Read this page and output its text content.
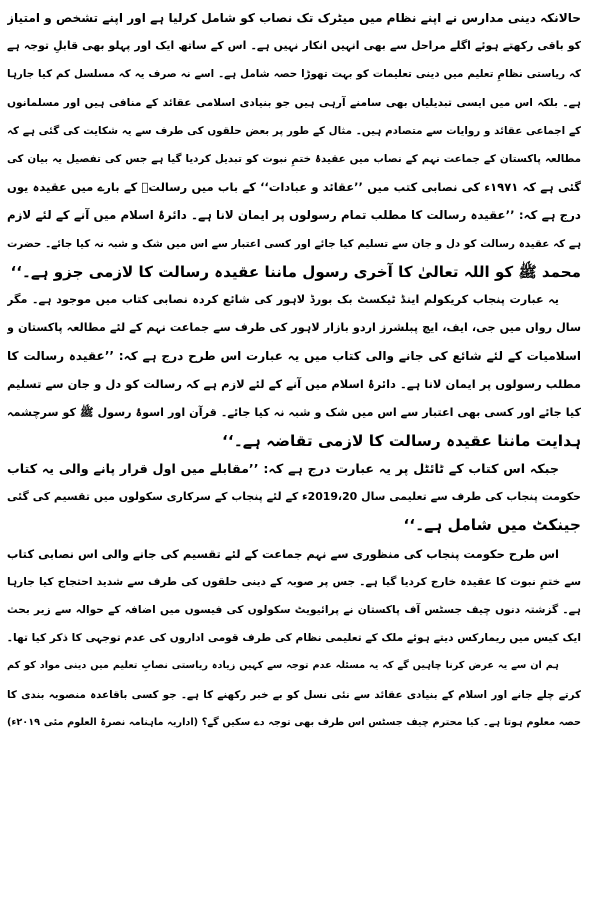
حالانکہ دینی مدارس نے اپنے نظام میں میٹرک تک نصاب کو شامل کرلیا ہے اور اپنے تشخص و امتیاز
کو باقی رکھتے ہوئے اگلے مراحل سے بھی انہیں انکار نہیں ہے۔ اس کے ساتھ ایک اور پہلو بھی قابلِ توجہ ہے
کہ ریاستی نظامِ تعلیم میں دینی تعلیمات کو بہت تھوڑا حصہ شامل ہے۔ اسے نہ صرف یہ کہ مسلسل کم کیا جارہا
ہے۔ بلکہ اس میں ایسی تبدیلیاں بھی سامنے آرہی ہیں جو بنیادی اسلامی عقائد کے منافی ہیں اور مسلمانوں
کے اجماعی عقائد و روایات سے متصادم ہیں۔ مثال کے طور پر بعض حلقوں کی طرف سے یہ شکایت کی گئی ہے کہ
مطالعہ پاکستان کے جماعت نہم کے نصاب میں عقیدۂ ختمِ نبوت کو تبدیل کردیا گیا ہے جس کی تفصیل یہ بیان کی
گئی ہے کہ ۱۹۷۱ء کی نصابی کتب میں ’’عقائد و عبادات‘‘ کے باب میں رسالتؐ کے بارے میں عقیدہ یوں
درج ہے کہ: ’’عقیدہ رسالت کا مطلب تمام رسولوں پر ایمان لانا ہے۔ دائرۂ اسلام میں آنے کے لئے لازم
ہے کہ عقیدہ رسالت کو دل و جان سے تسلیم کیا جائے اور کسی اعتبار سے اس میں شک و شبہ نہ کیا جائے۔ حضرت
محمد ﷺ کو اللہ تعالیٰ کا آخری رسول ماننا عقیدہ رسالت کا لازمی جزو ہے۔‘‘
یہ عبارت پنجاب کریکولم اینڈ ٹیکسٹ بک بورڈ لاہور کی شائع کردہ نصابی کتاب میں موجود ہے۔ مگر
سال رواں میں جی، ایف، ایچ پبلشرز اردو بازار لاہور کی طرف سے جماعت نہم کے لئے مطالعہ پاکستان و
اسلامیات کے لئے شائع کی جانے والی کتاب میں یہ عبارت اس طرح درج ہے کہ: ’’عقیدہ رسالت کا
مطلب رسولوں پر ایمان لانا ہے۔ دائرۂ اسلام میں آنے کے لئے لازم ہے کہ رسالت کو دل و جان سے تسلیم
کیا جائے اور کسی بھی اعتبار سے اس میں شک و شبہ نہ کیا جائے۔ قرآن اور اسوۂ رسول ﷺ کو سرچشمہ
ہدایت ماننا عقیدہ رسالت کا لازمی تقاضہ ہے۔‘‘
جبکہ اس کتاب کے ٹائٹل پر یہ عبارت درج ہے کہ: ’’مقابلے میں اول قرار پانے والی یہ کتاب
حکومت پنجاب کی طرف سے تعلیمی سال 2019،20ء کے لئے پنجاب کے سرکاری سکولوں میں تقسیم کی گئی
جینکٹ میں شامل ہے۔‘‘
اس طرح حکومت پنجاب کی منظوری سے نہم جماعت کے لئے تقسیم کی جانے والی اس نصابی کتاب
سے ختمِ نبوت کا عقیدہ خارج کردیا گیا ہے۔ جس پر صوبہ کے دینی حلقوں کی طرف سے شدید احتجاج کیا جارہا
ہے۔ گزشتہ دنوں چیف جسٹس آف پاکستان نے پرائیویٹ سکولوں کی فیسوں میں اضافہ کے حوالہ سے زیر بحث
ایک کیس میں ریمارکس دیتے ہوئے ملک کے تعلیمی نظام کی طرف قومی اداروں کی عدم توجہی کا ذکر کیا تھا۔
ہم ان سے یہ عرض کرنا چاہیں گے کہ یہ مسئلہ عدم توجہ سے کہیں زیادہ ریاستی نصابِ تعلیم میں دینی مواد کو کم
کرتے چلے جانے اور اسلام کے بنیادی عقائد سے نئی نسل کو بے خبر رکھنے کا ہے۔ جو کسی باقاعدہ منصوبہ بندی کا
حصہ معلوم ہوتا ہے۔ کیا محترم چیف جسٹس اس طرف بھی توجہ دے سکیں گے؟ (اداریہ ماہنامہ نصرۃ العلوم مئی ۲۰۱۹ء)
